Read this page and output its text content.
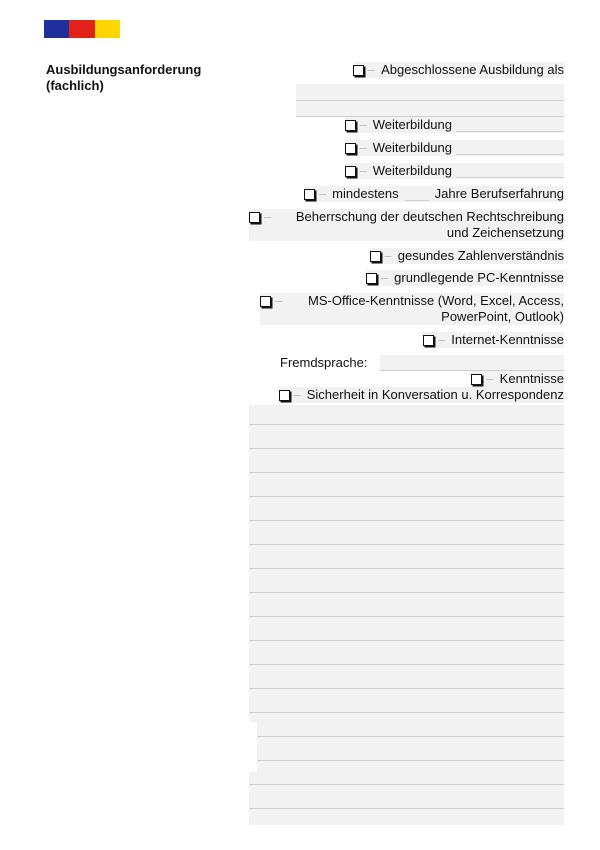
Ausbildungsanforderung (fachlich)
– Abgeschlossene Ausbildung als
– Weiterbildung
– Weiterbildung
– Weiterbildung
– mindestens	Jahre Berufserfahrung
–	Beherrschung der deutschen Rechtschreibung und Zeichensetzung
– gesundes Zahlenverständnis
– grundlegende PC-Kenntnisse
–	MS-Office-Kenntnisse (Word, Excel, Access, PowerPoint, Outlook)
– Internet-Kenntnisse
Fremdsprache:
– Kenntnisse
– Sicherheit in Konversation u. Korrespondenz
